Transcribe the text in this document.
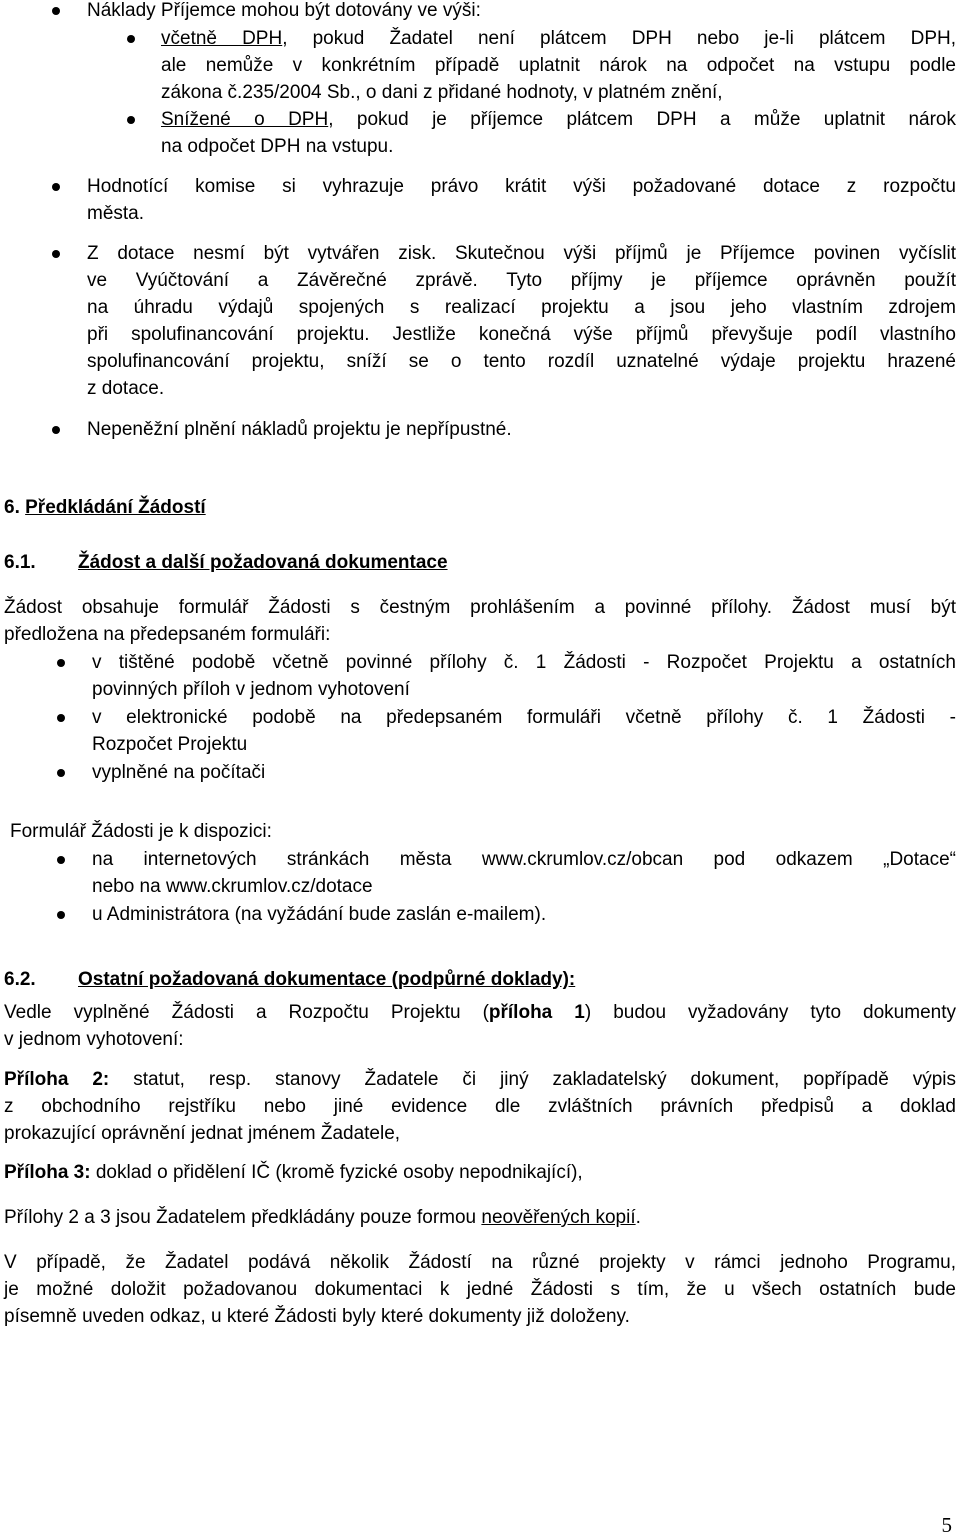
Náklady Příjemce mohou být dotovány ve výši:
včetně DPH, pokud Žadatel není plátcem DPH nebo je-li plátcem DPH,
ale nemůže v konkrétním případě uplatnit nárok na odpočet na vstupu podle
zákona č.235/2004 Sb., o dani z přidané hodnoty, v platném znění,
Snížené o DPH, pokud je příjemce plátcem DPH a může uplatnit nárok
na odpočet DPH na vstupu.
Hodnotící komise si vyhrazuje právo krátit výši požadované dotace z rozpočtu
města.
Z dotace nesmí být vytvářen zisk. Skutečnou výši příjmů je Příjemce povinen vyčíslit
ve Vyúčtování a Závěrečné zprávě. Tyto příjmy je příjemce oprávněn použít
na úhradu výdajů spojených s realizací projektu a jsou jeho vlastním zdrojem
při spolufinancování projektu. Jestliže konečná výše příjmů převyšuje podíl vlastního
spolufinancování projektu, sníží se o tento rozdíl uznatelné výdaje projektu hrazené
z dotace.
Nepeněžní plnění nákladů projektu je nepřípustné.
6. Předkládání Žádostí
6.1. Žádost a další požadovaná dokumentace
Žádost obsahuje formulář Žádosti s čestným prohlášením a povinné přílohy. Žádost musí být
předložena na předepsaném formuláři:
v tištěné podobě včetně povinné přílohy č. 1 Žádosti - Rozpočet Projektu a ostatních
povinných příloh v jednom vyhotovení
v elektronické podobě na předepsaném formuláři včetně přílohy č. 1 Žádosti -
Rozpočet Projektu
vyplněné na počítači
Formulář Žádosti je k dispozici:
na internetových stránkách města www.ckrumlov.cz/obcan pod odkazem „Dotace“
nebo na www.ckrumlov.cz/dotace
u Administrátora (na vyžádání bude zaslán e-mailem).
6.2. Ostatní požadovaná dokumentace (podpůrné doklady):
Vedle vyplněné Žádosti a Rozpočtu Projektu (příloha 1) budou vyžadovány tyto dokumenty
v jednom vyhotovení:
Příloha 2: statut, resp. stanovy Žadatele či jiný zakladatelský dokument, popřípadě výpis
z obchodního rejstříku nebo jiné evidence dle zvláštních právních předpisů a doklad
prokazující oprávnění jednat jménem Žadatele,
Příloha 3: doklad o přidělení IČ (kromě fyzické osoby nepodnikající),
Přílohy 2 a 3 jsou Žadatelem předkládány pouze formou neověřených kopií.
V případě, že Žadatel podává několik Žádostí na různé projekty v rámci jednoho Programu,
je možné doložit požadovanou dokumentaci k jedné Žádosti s tím, že u všech ostatních bude
písemně uveden odkaz, u které Žádosti byly které dokumenty již doloženy.
5
